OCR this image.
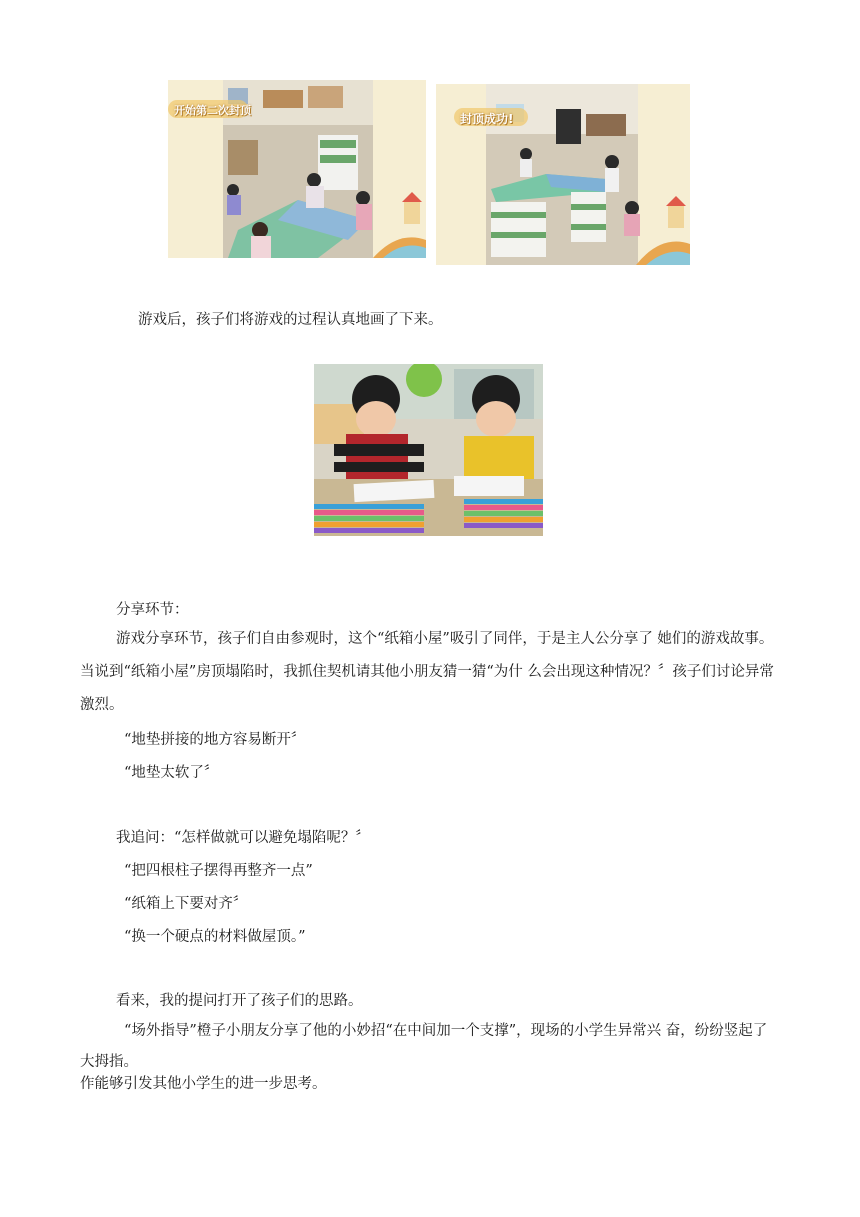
开始第二次封顶
封顶成功!
游戏后，孩子们将游戏的过程认真地画了下来。
分享环节：

游戏分享环节，孩子们自由参观时，这个“纸箱小屋”吸引了同伴，于是主人公分享了 她们的游戏故事。当说到“纸箱小屋”房顶塌陷时，我抓住契机请其他小朋友猜一猜“为什 么会出现这种情况？〞孩子们讨论异常激烈。

“地垫拼接的地方容易断开〞
“地垫太软了〞
我追问：“怎样做就可以避免塌陷呢？〞
“把四根柱子摆得再整齐一点”
“纸箱上下要对齐〞
“换一个硬点的材料做屋顶。”
看来，我的提问打开了孩子们的思路。

“场外指导”橙子小朋友分享了他的小妙招“在中间加一个支撑”，现场的小学生异常兴 奋，纷纷竖起了大拇指。

作能够引发其他小学生的进一步思考。
